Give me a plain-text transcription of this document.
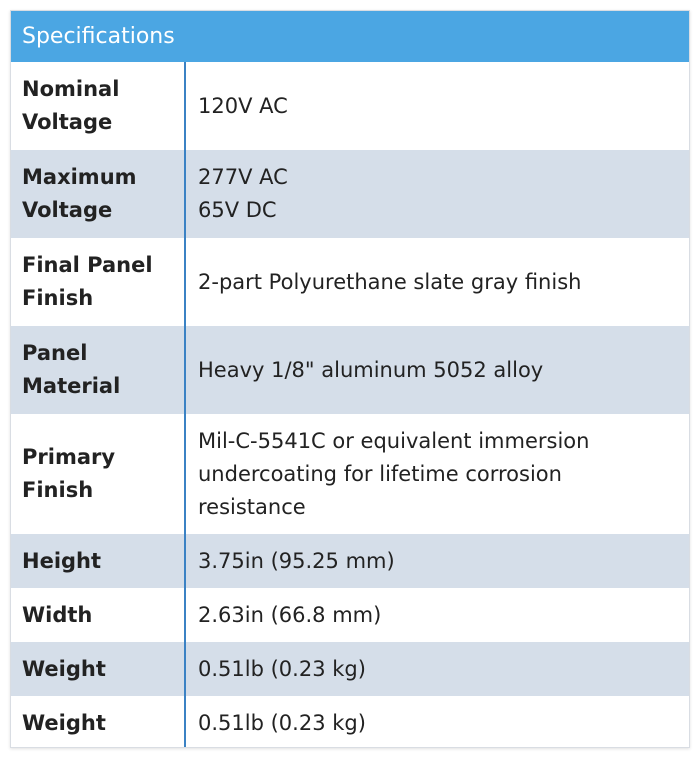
Specifications
Nominal
Voltage	120V AC

Maximum
Voltage	277V AC
65V DC

Final Panel
Finish	2-part Polyurethane slate gray finish

Panel
Material	Heavy 1/8" aluminum 5052 alloy

Primary
Finish	Mil-C-5541C or equivalent immersion
undercoating for lifetime corrosion
resistance

Height	3.75in (95.25 mm)

Width	2.63in (66.8 mm)

Weight	0.51lb (0.23 kg)

Weight	0.51lb (0.23 kg)
